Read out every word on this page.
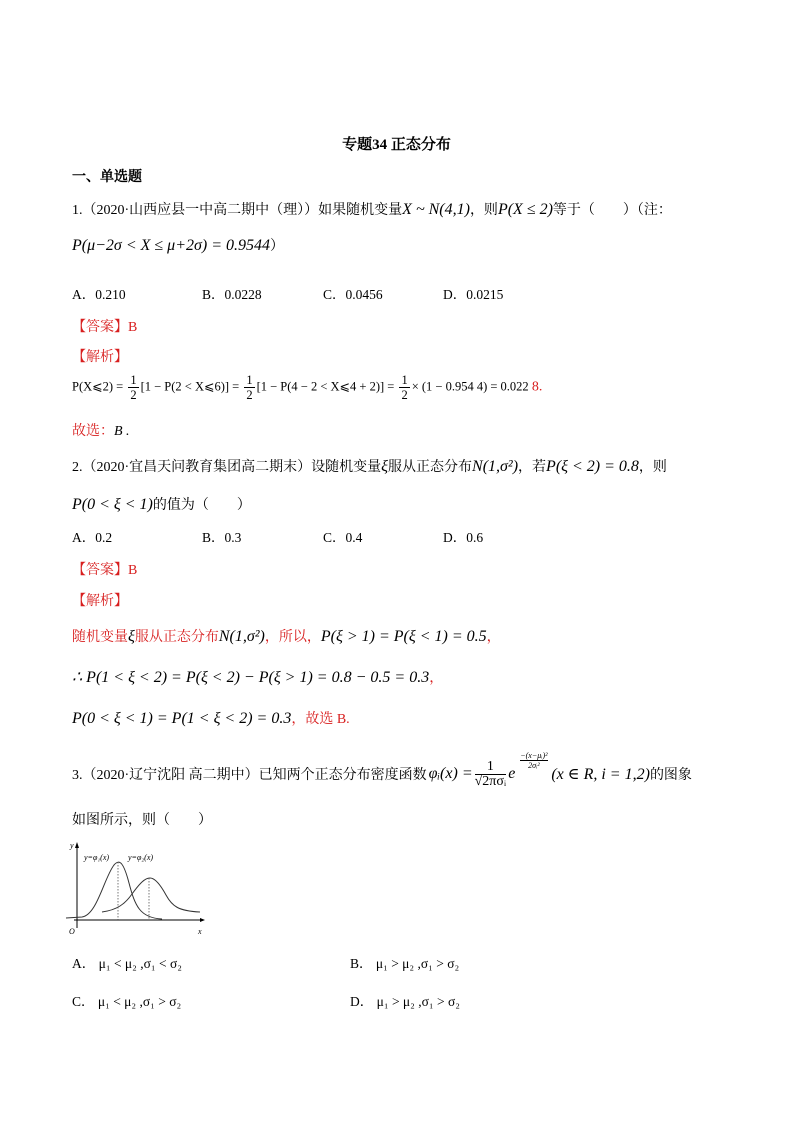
专题34 正态分布
一、单选题
1.（2020·山西应县一中高二期中（理））如果随机变量X ~ N(4,1)，则P(X ≤ 2)等于（　　）（注：
P(μ−2σ < X ≤ μ+2σ) = 0.9544）
A．0.210	B．0.0228	C．0.0456	D．0.0215
【答案】B
【解析】
P(X⩽2) = $\frac{1}{2} [1 - P(2$ < X⩽6)] = $\frac{1}{2} [1 - P(4 - 2$ < X⩽4 + $2)] = \frac{1}{2} \times (1 - 0.954$ 4) = 0.022 8.
故选：B .
2.（2020·宜昌天问教育集团高二期末）设随机变量ξ服从正态分布N(1,σ²)，若P(ξ < 2) = 0.8，则
P(0 < ξ < 1)的值为（　　）
A．0.2	B．0.3	C．0.4	D．0.6
【答案】B
【解析】
随机变量ξ服从正态分布N(1,σ²)，所以，P(ξ > 1) = P(ξ < 1) = 0.5，
∴ P(1 < ξ < 2) = P(ξ < 2) − P(ξ > 1) = 0.8 − 0.5 = 0.3，
P(0 < ξ < 1) = P(1 < ξ < 2) = 0.3，故选 B.
3.（2020·辽宁沈阳 高二期中）已知两个正态分布密度函数 φᵢ(x) = $\frac{1}{\text{√2πσᵢ}}$ e
−(x−μᵢ)²
2σᵢ²
(x ∈ R, i = 1,2) 的图象
如图所示，则（　　）
y=φ₁(x) y=φ₂(x)
y
x
O
A． μ₁ < μ₂ ,σ₁ < σ₂	B． μ₁ > μ₂ ,σ₁ > σ₂
C． μ₁ < μ₂ ,σ₁ > σ₂	D． μ₁ > μ₂ ,σ₁ > σ₂
